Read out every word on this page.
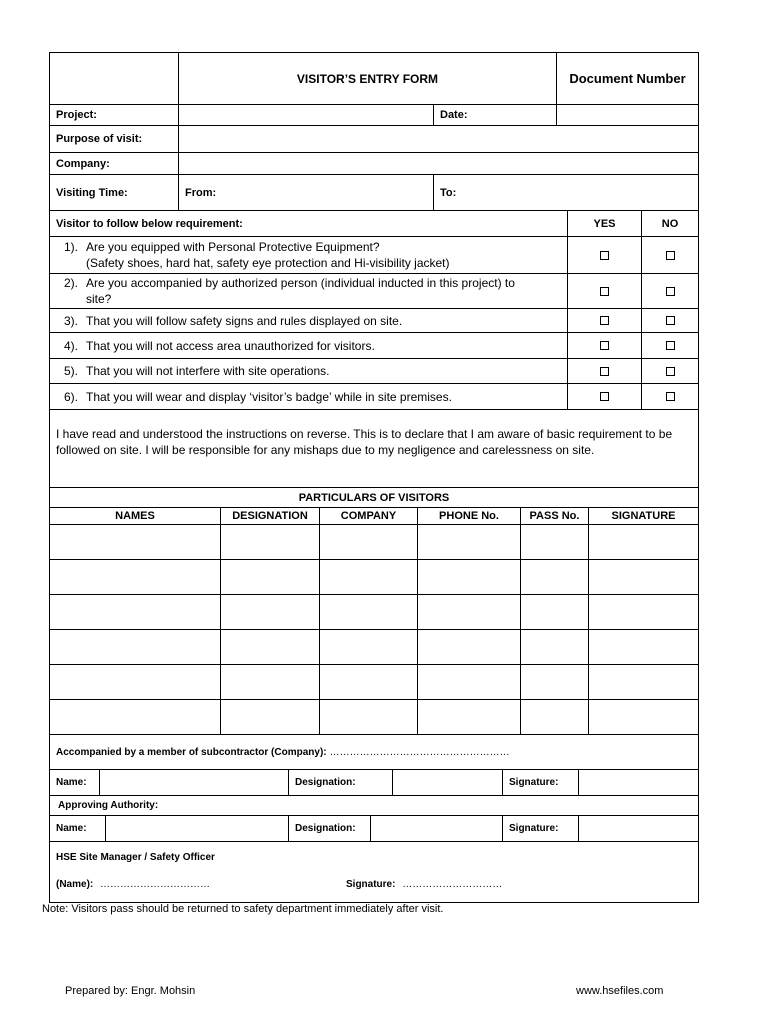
VISITOR’S ENTRY FORM	Document Number
Project:	Date:
Purpose of visit:
Company:
Visiting Time:	From:	To:
Visitor to follow below requirement:	YES	NO
1). Are you equipped with Personal Protective Equipment?
(Safety shoes, hard hat, safety eye protection and Hi-visibility jacket)
2). Are you accompanied by authorized person (individual inducted in this project) to
site?
3). That you will follow safety signs and rules displayed on site.
4). That you will not access area unauthorized for visitors.
5). That you will not interfere with site operations.
6). That you will wear and display ‘visitor’s badge’ while in site premises.
I have read and understood the instructions on reverse. This is to declare that I am aware of basic requirement to be followed on site. I will be responsible for any mishaps due to my negligence and carelessness on site.
PARTICULARS OF VISITORS
NAMES	DESIGNATION	COMPANY	PHONE No.	PASS No.	SIGNATURE
Accompanied by a member of subcontractor (Company): ………………………………………………
Name:	Designation:	Signature:
Approving Authority:
Name:	Designation:	Signature:
HSE Site Manager / Safety Officer
(Name): ……………………………	Signature: …………………………
Note: Visitors pass should be returned to safety department immediately after visit.
Prepared by: Engr. Mohsin	www.hsefiles.com
